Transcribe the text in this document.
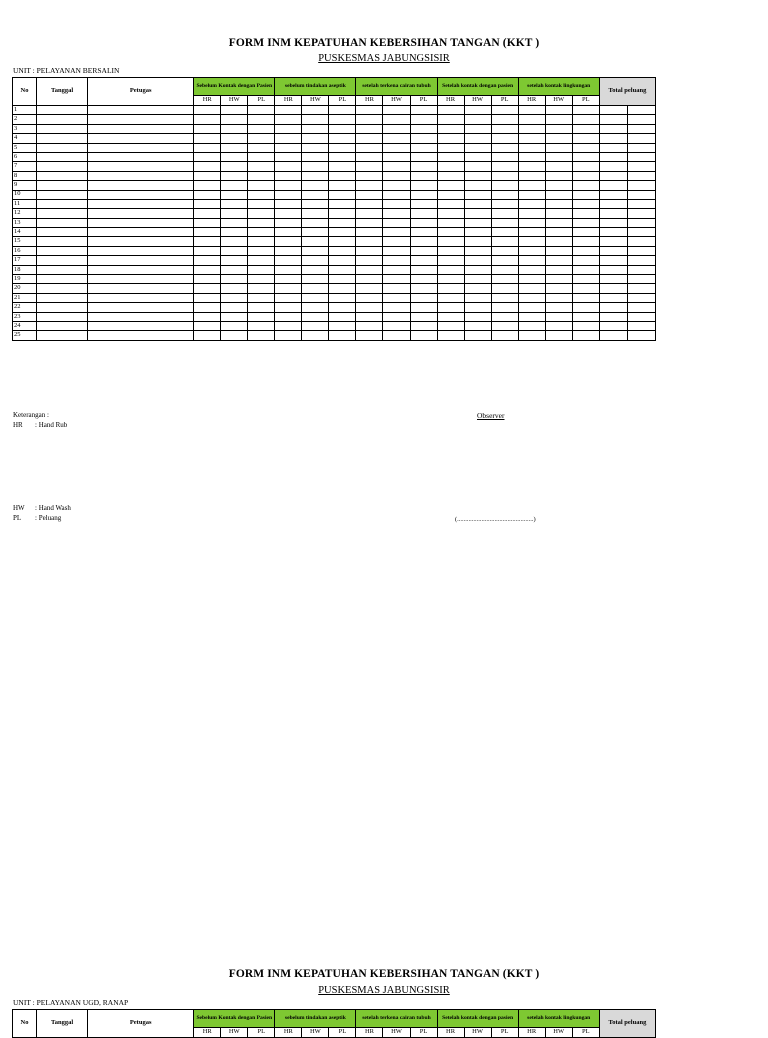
FORM INM KEPATUHAN KEBERSIHAN TANGAN (KKT )
PUSKESMAS JABUNGSISIR
UNIT : PELAYANAN BERSALIN
No	Tanggal	Petugas	Sebelum Kontak dengan Pasien			sebelum tindakan aseptik			setelah terkena cairan tubuh			Setelah kontak dengan pasien			setelah kontak lingkungan			Total peluang	
			HR	HW	PL	HR	HW	PL	HR	HW	PL	HR	HW	PL	HR	HW	PL		
1																			
2																			
3																			
4																			
5																			
6																			
7																			
8																			
9																			
10																			
11																			
12																			
13																			
14																			
15																			
16																			
17																			
18																			
19																			
20																			
21																			
22																			
23																			
24																			
25																			
Keterangan :
HR : Hand Rub
Observer
HW : Hand Wash
PL : Peluang	(...............................................)
FORM INM KEPATUHAN KEBERSIHAN TANGAN (KKT )
PUSKESMAS JABUNGSISIR
UNIT : PELAYANAN UGD, RANAP
No	Tanggal	Petugas	Sebelum Kontak dengan Pasien			sebelum tindakan aseptik			setelah terkena cairan tubuh			Setelah kontak dengan pasien			setelah kontak lingkungan			Total peluang
			HR	HW	PL	HR	HW	PL	HR	HW	PL	HR	HW	PL	HR	HW	PL	
